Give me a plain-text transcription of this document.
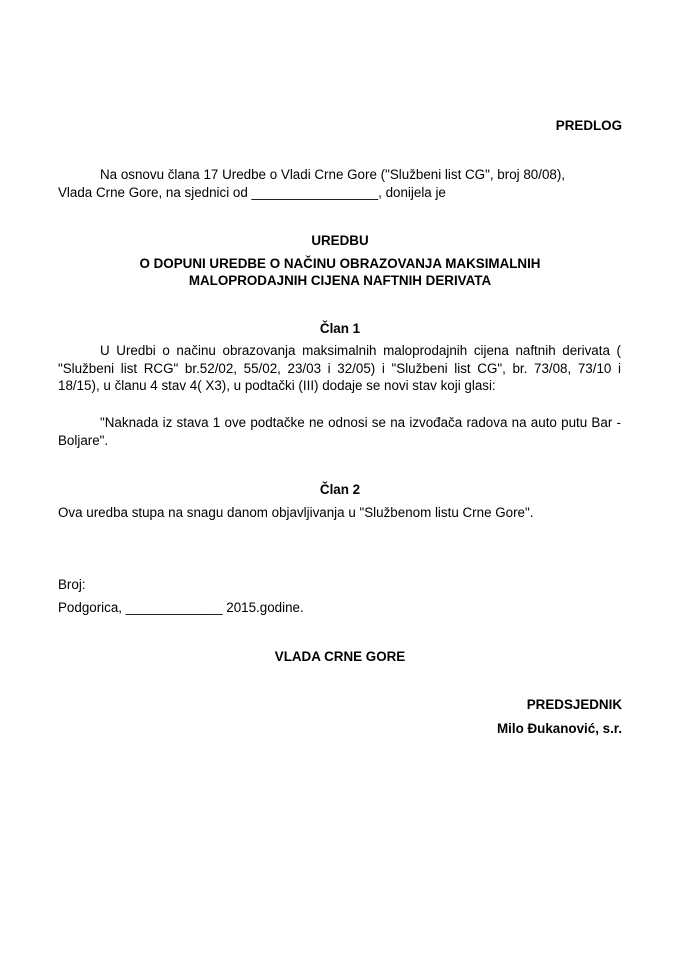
PREDLOG
Na osnovu člana 17 Uredbe o Vladi Crne Gore ("Službeni list CG", broj 80/08),
Vlada Crne Gore, na sjednici od _________________, donijela je
UREDBU
O DOPUNI UREDBE O NAČINU OBRAZOVANJA MAKSIMALNIH
MALOPRODAJNIH CIJENA NAFTNIH DERIVATA
Član 1
U Uredbi o načinu obrazovanja maksimalnih maloprodajnih cijena naftnih derivata ( "Službeni list RCG" br.52/02, 55/02, 23/03 i 32/05) i "Službeni list CG", br. 73/08, 73/10 i 18/15), u članu 4 stav 4( X3), u podtački (III) dodaje se novi stav koji glasi:
"Naknada iz stava 1 ove podtačke ne odnosi se na izvođača radova na auto putu Bar - Boljare".
Član 2
Ova uredba stupa na snagu danom objavljivanja u "Službenom listu Crne Gore".
Broj:
Podgorica, _____________ 2015.godine.
VLADA CRNE GORE
PREDSJEDNIK
Milo Đukanović, s.r.
